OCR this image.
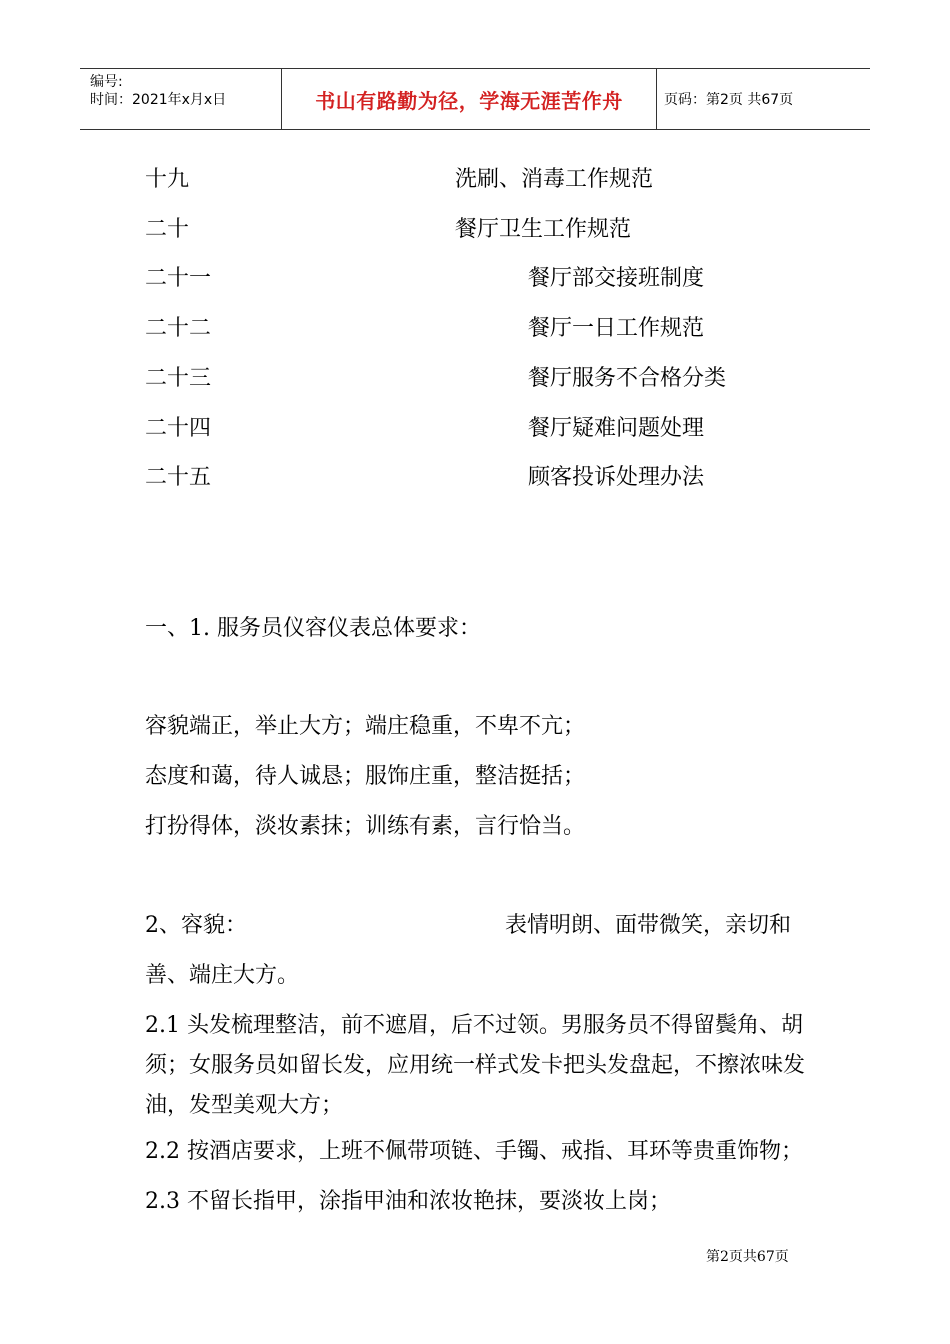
编号:
时间：2021年x月x日	书山有路勤为径，学海无涯苦作舟	页码：第2页 共67页
十九	洗刷、消毒工作规范
二十	餐厅卫生工作规范
二十一	餐厅部交接班制度
二十二	餐厅一日工作规范
二十三	餐厅服务不合格分类
二十四	餐厅疑难问题处理
二十五	顾客投诉处理办法
一、1. 服务员仪容仪表总体要求：
容貌端正，举止大方；端庄稳重，不卑不亢；
态度和蔼，待人诚恳；服饰庄重，整洁挺括；
打扮得体，淡妆素抹；训练有素，言行恰当。
2、容貌：	表情明朗、面带微笑，亲切和
善、端庄大方。
2.1 头发梳理整洁，前不遮眉，后不过领。男服务员不得留鬓角、胡须；女服务员如留长发，应用统一样式发卡把头发盘起，不擦浓味发油，发型美观大方；
2.2 按酒店要求，上班不佩带项链、手镯、戒指、耳环等贵重饰物；
2.3 不留长指甲，涂指甲油和浓妆艳抹，要淡妆上岗；
第2页共67页
